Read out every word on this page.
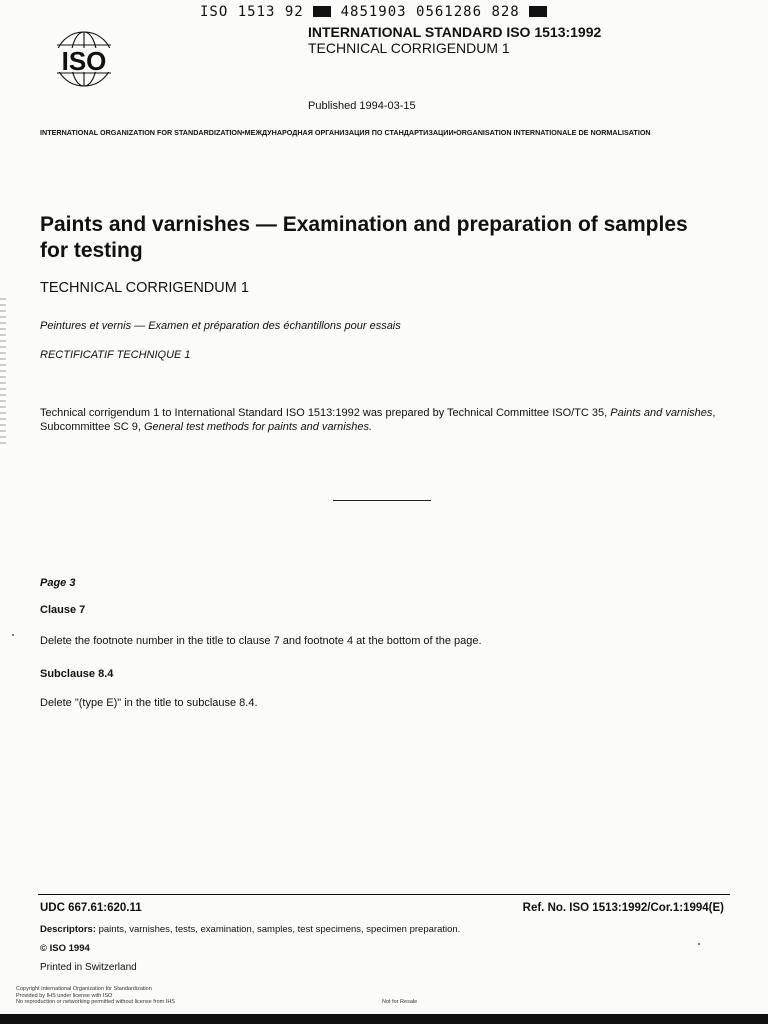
ISO 1513 92	4851903 0561286 828
ISO
INTERNATIONAL STANDARD ISO 1513:1992
TECHNICAL CORRIGENDUM 1
Published 1994-03-15
INTERNATIONAL ORGANIZATION FOR STANDARDIZATION•МЕЖДУНАРОДНАЯ ОРГАНИЗАЦИЯ ПО СТАНДАРТИЗАЦИИ•ORGANISATION INTERNATIONALE DE NORMALISATION
Paints and varnishes — Examination and preparation of samples for testing
TECHNICAL CORRIGENDUM 1
Peintures et vernis — Examen et préparation des échantillons pour essais
RECTIFICATIF TECHNIQUE 1
Technical corrigendum 1 to International Standard ISO 1513:1992 was prepared by Technical Committee ISO/TC 35, Paints and varnishes, Subcommittee SC 9, General test methods for paints and varnishes.
Page 3
Clause 7
Delete the footnote number in the title to clause 7 and footnote 4 at the bottom of the page.
Subclause 8.4
Delete "(type E)" in the title to subclause 8.4.
UDC 667.61:620.11	Ref. No. ISO 1513:1992/Cor.1:1994(E)
Descriptors: paints, varnishes, tests, examination, samples, test specimens, specimen preparation.
© ISO 1994
Printed in Switzerland
Copyright International Organization for Standardization
Provided by IHS under license with ISO
No reproduction or networking permitted without license from IHS	Not for Resale
